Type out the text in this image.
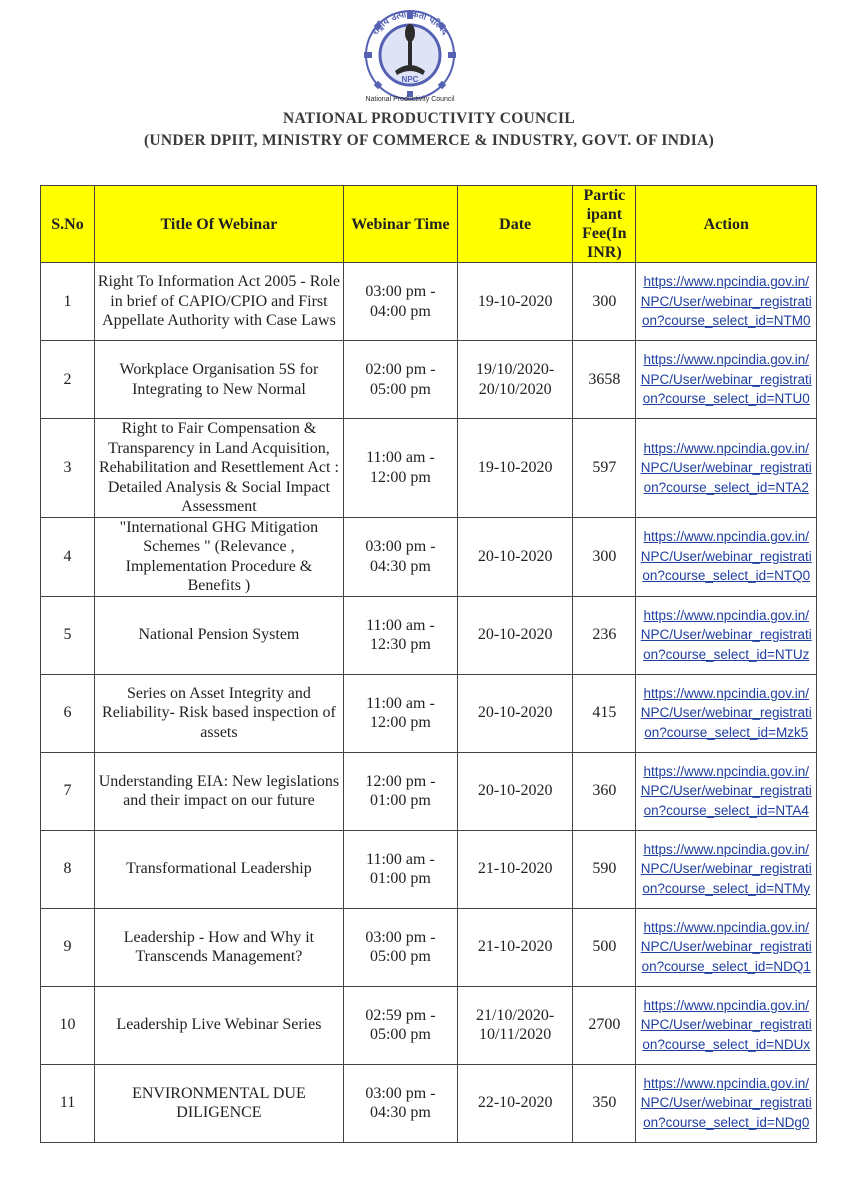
राष्ट्रीय उत्पादकता परिषद
NPC
National Productivity Council
NATIONAL PRODUCTIVITY COUNCIL
(UNDER DPIIT, MINISTRY OF COMMERCE & INDUSTRY, GOVT. OF INDIA)
S.No	Title Of Webinar	Webinar Time	Date	Partic ipant Fee(In INR)	Action
1	Right To Information Act 2005 - Role in brief of CAPIO/CPIO and First Appellate Authority with Case Laws	03:00 pm -
04:00 pm	19-10-2020	300	https://www.npcindia.gov.in/NPC/User/webinar_registration?course_select_id=NTM0
2	Workplace Organisation 5S for Integrating to New Normal	02:00 pm -
05:00 pm	19/10/2020-
20/10/2020	3658	https://www.npcindia.gov.in/NPC/User/webinar_registration?course_select_id=NTU0
3	Right to Fair Compensation & Transparency in Land Acquisition, Rehabilitation and Resettlement Act : Detailed Analysis & Social Impact Assessment	11:00 am -
12:00 pm	19-10-2020	597	https://www.npcindia.gov.in/NPC/User/webinar_registration?course_select_id=NTA2
4	"International GHG Mitigation Schemes " (Relevance , Implementation Procedure & Benefits )	03:00 pm -
04:30 pm	20-10-2020	300	https://www.npcindia.gov.in/NPC/User/webinar_registration?course_select_id=NTQ0
5	National Pension System	11:00 am -
12:30 pm	20-10-2020	236	https://www.npcindia.gov.in/NPC/User/webinar_registration?course_select_id=NTUz
6	Series on Asset Integrity and Reliability- Risk based inspection of assets	11:00 am -
12:00 pm	20-10-2020	415	https://www.npcindia.gov.in/NPC/User/webinar_registration?course_select_id=Mzk5
7	Understanding EIA: New legislations and their impact on our future	12:00 pm -
01:00 pm	20-10-2020	360	https://www.npcindia.gov.in/NPC/User/webinar_registration?course_select_id=NTA4
8	Transformational Leadership	11:00 am -
01:00 pm	21-10-2020	590	https://www.npcindia.gov.in/NPC/User/webinar_registration?course_select_id=NTMy
9	Leadership - How and Why it Transcends Management?	03:00 pm -
05:00 pm	21-10-2020	500	https://www.npcindia.gov.in/NPC/User/webinar_registration?course_select_id=NDQ1
10	Leadership Live Webinar Series	02:59 pm -
05:00 pm	21/10/2020-
10/11/2020	2700	https://www.npcindia.gov.in/NPC/User/webinar_registration?course_select_id=NDUx
11	ENVIRONMENTAL DUE DILIGENCE	03:00 pm -
04:30 pm	22-10-2020	350	https://www.npcindia.gov.in/NPC/User/webinar_registration?course_select_id=NDg0
